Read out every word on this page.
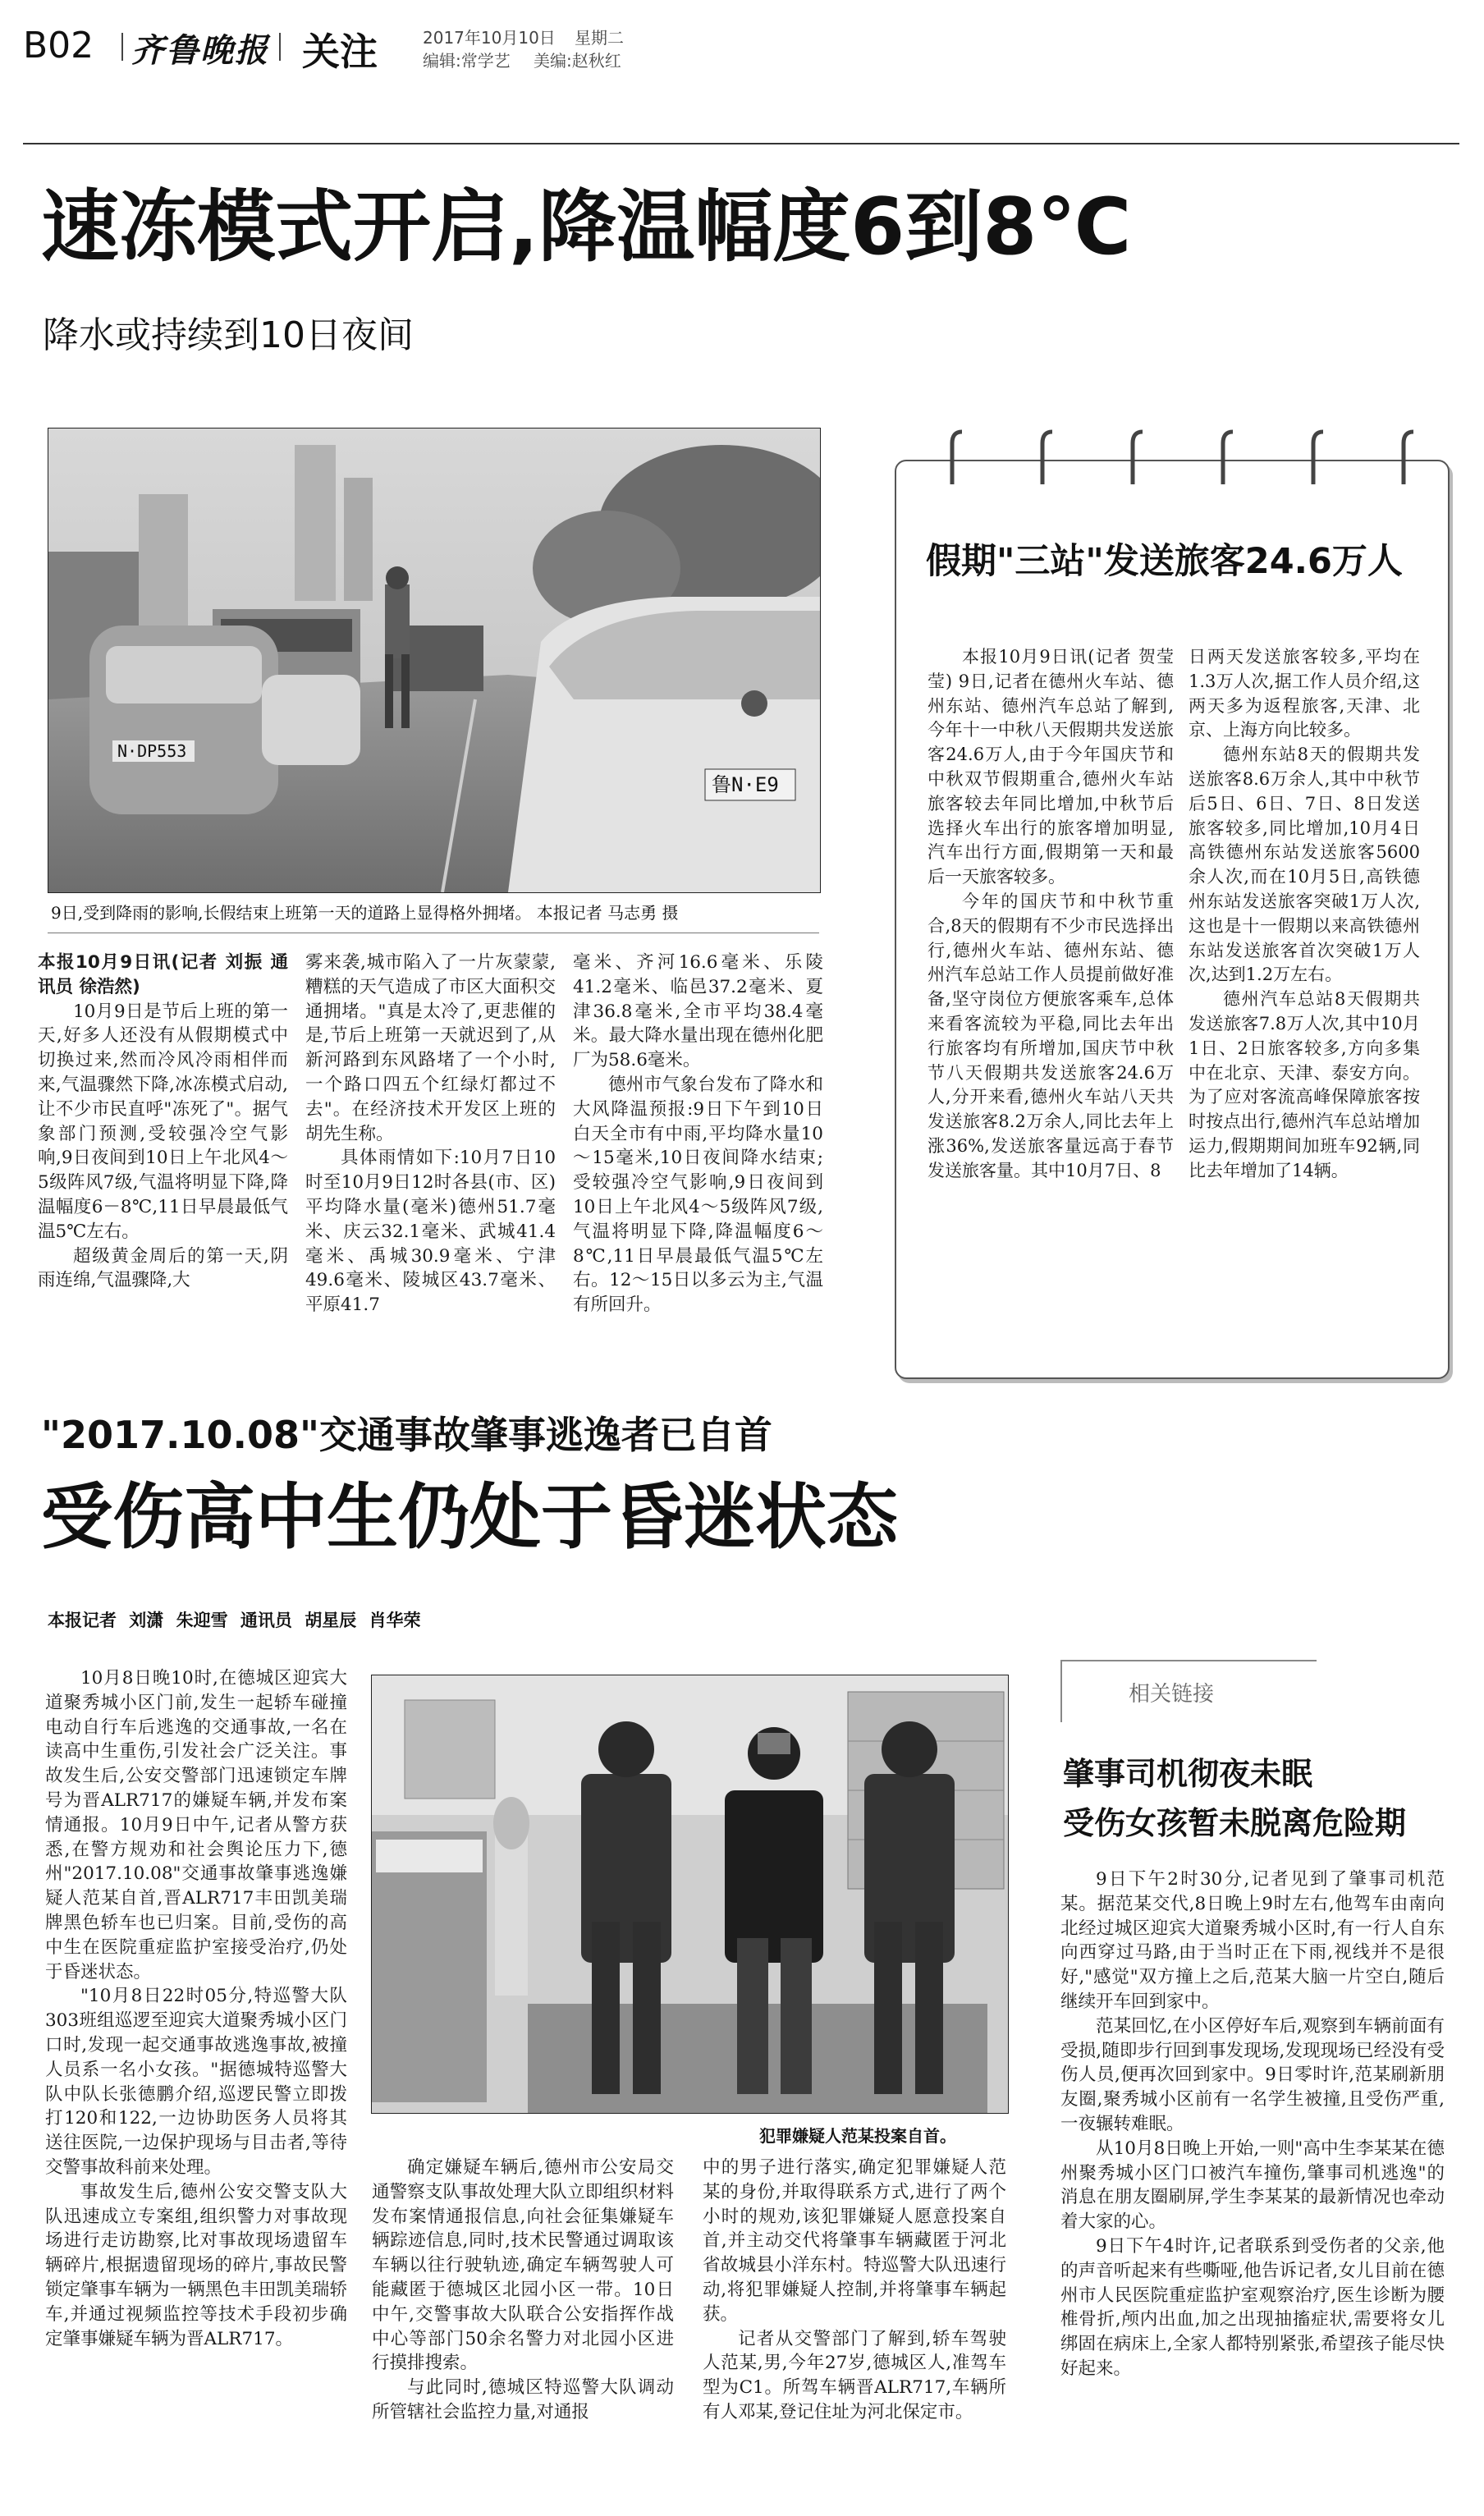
B02 齐鲁晚报 关注	2017年10月10日 星期二
编辑:常学艺 美编:赵秋红
速冻模式开启,降温幅度6到8℃
降水或持续到10日夜间
N·DP553
鲁N·E9
9日,受到降雨的影响,长假结束上班第一天的道路上显得格外拥堵。 本报记者 马志勇 摄

本报10月9日讯(记者 刘振 通讯员 徐浩然)

10月9日是节后上班的第一天,好多人还没有从假期模式中切换过来,然而冷风冷雨相伴而来,气温骤然下降,冰冻模式启动,让不少市民直呼"冻死了"。据气象部门预测,受较强冷空气影响,9日夜间到10日上午北风4～5级阵风7级,气温将明显下降,降温幅度6－8℃,11日早晨最低气温5℃左右。

超级黄金周后的第一天,阴雨连绵,气温骤降,大

雾来袭,城市陷入了一片灰蒙蒙,糟糕的天气造成了市区大面积交通拥堵。"真是太冷了,更悲催的是,节后上班第一天就迟到了,从新河路到东风路堵了一个小时,一个路口四五个红绿灯都过不去"。在经济技术开发区上班的胡先生称。

具体雨情如下:10月7日10时至10月9日12时各县(市、区)平均降水量(毫米)德州51.7毫米、庆云32.1毫米、武城41.4毫米、禹城30.9毫米、宁津49.6毫米、陵城区43.7毫米、平原41.7

毫米、齐河16.6毫米、乐陵41.2毫米、临邑37.2毫米、夏津36.8毫米,全市平均38.4毫米。最大降水量出现在德州化肥厂为58.6毫米。

德州市气象台发布了降水和大风降温预报:9日下午到10日白天全市有中雨,平均降水量10～15毫米,10日夜间降水结束;受较强冷空气影响,9日夜间到10日上午北风4～5级阵风7级,气温将明显下降,降温幅度6～8℃,11日早晨最低气温5℃左右。12～15日以多云为主,气温有所回升。

假期"三站"发送旅客24.6万人

本报10月9日讯(记者 贺莹莹) 9日,记者在德州火车站、德州东站、德州汽车总站了解到,今年十一中秋八天假期共发送旅客24.6万人,由于今年国庆节和中秋双节假期重合,德州火车站旅客较去年同比增加,中秋节后选择火车出行的旅客增加明显,汽车出行方面,假期第一天和最后一天旅客较多。

今年的国庆节和中秋节重合,8天的假期有不少市民选择出行,德州火车站、德州东站、德州汽车总站工作人员提前做好准备,坚守岗位方便旅客乘车,总体来看客流较为平稳,同比去年出行旅客均有所增加,国庆节中秋节八天假期共发送旅客24.6万人,分开来看,德州火车站八天共发送旅客8.2万余人,同比去年上涨36%,发送旅客量远高于春节发送旅客量。其中10月7日、8

日两天发送旅客较多,平均在1.3万人次,据工作人员介绍,这两天多为返程旅客,天津、北京、上海方向比较多。

德州东站8天的假期共发送旅客8.6万余人,其中中秋节后5日、6日、7日、8日发送旅客较多,同比增加,10月4日高铁德州东站发送旅客5600余人次,而在10月5日,高铁德州东站发送旅客突破1万人次,这也是十一假期以来高铁德州东站发送旅客首次突破1万人次,达到1.2万左右。

德州汽车总站8天假期共发送旅客7.8万人次,其中10月1日、2日旅客较多,方向多集中在北京、天津、泰安方向。为了应对客流高峰保障旅客按时按点出行,德州汽车总站增加运力,假期期间加班车92辆,同比去年增加了14辆。

"2017.10.08"交通事故肇事逃逸者已自首
受伤高中生仍处于昏迷状态
本报记者 刘潇 朱迎雪 通讯员 胡星辰 肖华荣

10月8日晚10时,在德城区迎宾大道聚秀城小区门前,发生一起轿车碰撞电动自行车后逃逸的交通事故,一名在读高中生重伤,引发社会广泛关注。事故发生后,公安交警部门迅速锁定车牌号为晋ALR717的嫌疑车辆,并发布案情通报。10月9日中午,记者从警方获悉,在警方规劝和社会舆论压力下,德州"2017.10.08"交通事故肇事逃逸嫌疑人范某自首,晋ALR717丰田凯美瑞牌黑色轿车也已归案。目前,受伤的高中生在医院重症监护室接受治疗,仍处于昏迷状态。

"10月8日22时05分,特巡警大队303班组巡逻至迎宾大道聚秀城小区门口时,发现一起交通事故逃逸事故,被撞人员系一名小女孩。"据德城特巡警大队中队长张德鹏介绍,巡逻民警立即拨打120和122,一边协助医务人员将其送往医院,一边保护现场与目击者,等待交警事故科前来处理。

事故发生后,德州公安交警支队大队迅速成立专案组,组织警力对事故现场进行走访勘察,比对事故现场遗留车辆碎片,根据遗留现场的碎片,事故民警锁定肇事车辆为一辆黑色丰田凯美瑞轿车,并通过视频监控等技术手段初步确定肇事嫌疑车辆为晋ALR717。

犯罪嫌疑人范某投案自首。

确定嫌疑车辆后,德州市公安局交通警察支队事故处理大队立即组织材料发布案情通报信息,向社会征集嫌疑车辆踪迹信息,同时,技术民警通过调取该车辆以往行驶轨迹,确定车辆驾驶人可能藏匿于德城区北园小区一带。10日中午,交警事故大队联合公安指挥作战中心等部门50余名警力对北园小区进行摸排搜索。

与此同时,德城区特巡警大队调动所管辖社会监控力量,对通报

中的男子进行落实,确定犯罪嫌疑人范某的身份,并取得联系方式,进行了两个小时的规劝,该犯罪嫌疑人愿意投案自首,并主动交代将肇事车辆藏匿于河北省故城县小洋东村。特巡警大队迅速行动,将犯罪嫌疑人控制,并将肇事车辆起获。

记者从交警部门了解到,轿车驾驶人范某,男,今年27岁,德城区人,准驾车型为C1。所驾车辆晋ALR717,车辆所有人邓某,登记住址为河北保定市。

相关链接
肇事司机彻夜未眠
受伤女孩暂未脱离危险期

9日下午2时30分,记者见到了肇事司机范某。据范某交代,8日晚上9时左右,他驾车由南向北经过城区迎宾大道聚秀城小区时,有一行人自东向西穿过马路,由于当时正在下雨,视线并不是很好,"感觉"双方撞上之后,范某大脑一片空白,随后继续开车回到家中。

范某回忆,在小区停好车后,观察到车辆前面有受损,随即步行回到事发现场,发现现场已经没有受伤人员,便再次回到家中。9日零时许,范某刷新朋友圈,聚秀城小区前有一名学生被撞,且受伤严重,一夜辗转难眠。

从10月8日晚上开始,一则"高中生李某某在德州聚秀城小区门口被汽车撞伤,肇事司机逃逸"的消息在朋友圈刷屏,学生李某某的最新情况也牵动着大家的心。

9日下午4时许,记者联系到受伤者的父亲,他的声音听起来有些嘶哑,他告诉记者,女儿目前在德州市人民医院重症监护室观察治疗,医生诊断为腰椎骨折,颅内出血,加之出现抽搐症状,需要将女儿绑固在病床上,全家人都特别紧张,希望孩子能尽快好起来。
